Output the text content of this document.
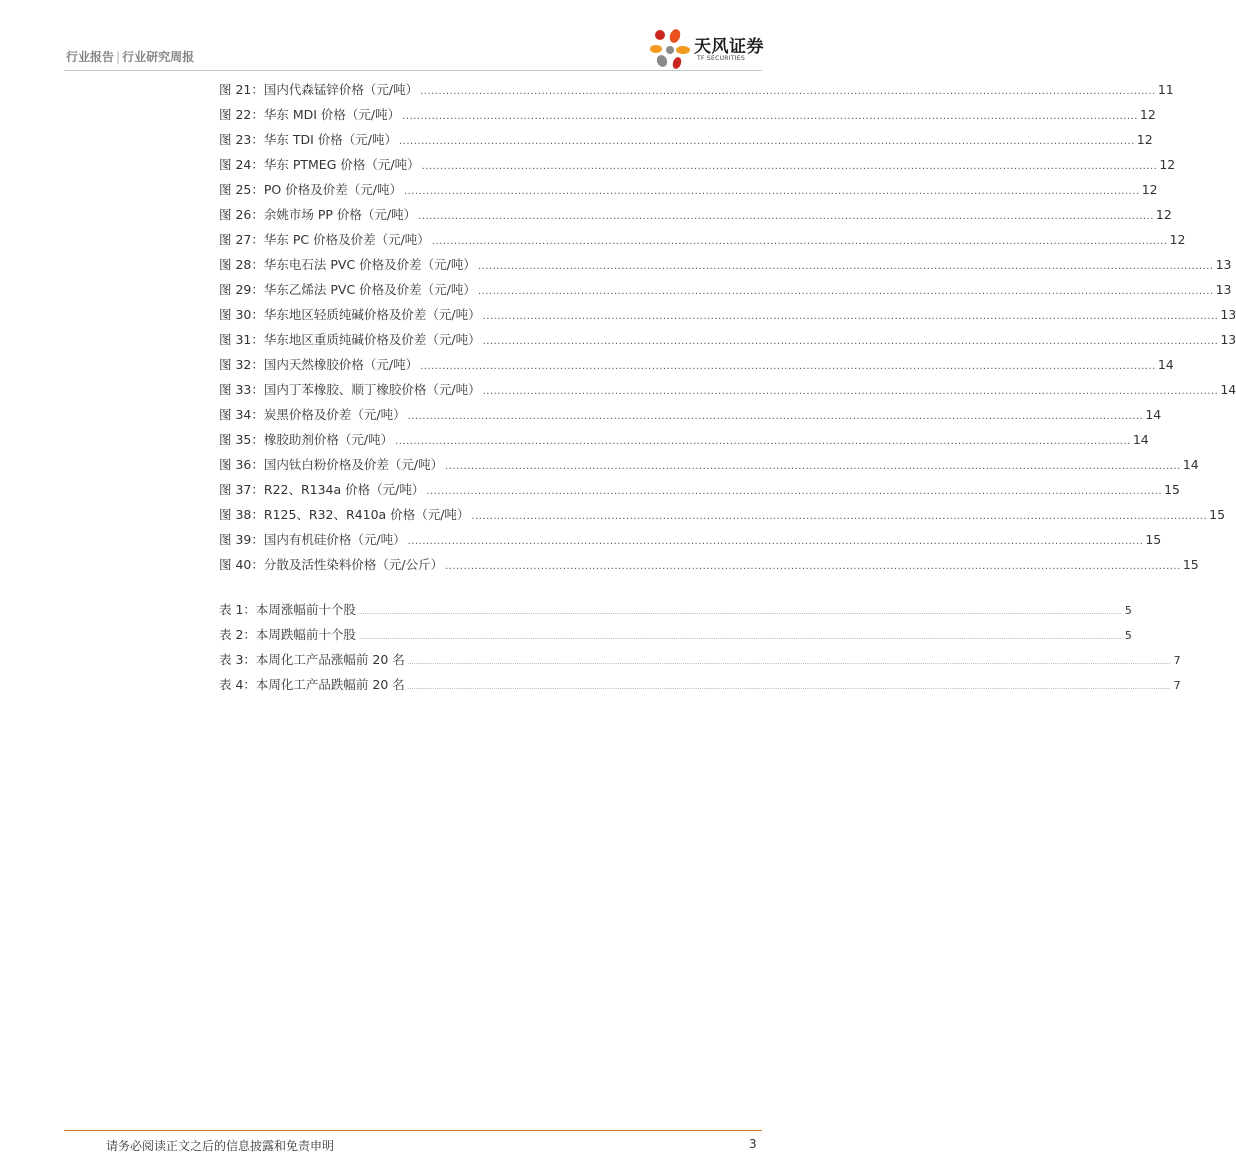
行业报告 | 行业研究周报	天风证券
TF SECURITIES
图 21：国内代森锰锌价格（元/吨） ........................................................................................................................................................................................................ 11
图 22：华东 MDI 价格（元/吨） ........................................................................................................................................................................................................ 12
图 23：华东 TDI 价格（元/吨） ........................................................................................................................................................................................................ 12
图 24：华东 PTMEG 价格（元/吨） ........................................................................................................................................................................................................ 12
图 25：PO 价格及价差（元/吨） ........................................................................................................................................................................................................ 12
图 26：余姚市场 PP 价格（元/吨） ........................................................................................................................................................................................................ 12
图 27：华东 PC 价格及价差（元/吨） ........................................................................................................................................................................................................ 12
图 28：华东电石法 PVC 价格及价差（元/吨） ........................................................................................................................................................................................................ 13
图 29：华东乙烯法 PVC 价格及价差（元/吨） ........................................................................................................................................................................................................ 13
图 30：华东地区轻质纯碱价格及价差（元/吨） ........................................................................................................................................................................................................ 13
图 31：华东地区重质纯碱价格及价差（元/吨） ........................................................................................................................................................................................................ 13
图 32：国内天然橡胶价格（元/吨） ........................................................................................................................................................................................................ 14
图 33：国内丁苯橡胶、顺丁橡胶价格（元/吨） ........................................................................................................................................................................................................ 14
图 34：炭黑价格及价差（元/吨） ........................................................................................................................................................................................................ 14
图 35：橡胶助剂价格（元/吨） ........................................................................................................................................................................................................ 14
图 36：国内钛白粉价格及价差（元/吨） ........................................................................................................................................................................................................ 14
图 37：R22、R134a 价格（元/吨） ........................................................................................................................................................................................................ 15
图 38：R125、R32、R410a 价格（元/吨） ........................................................................................................................................................................................................ 15
图 39：国内有机硅价格（元/吨） ........................................................................................................................................................................................................ 15
图 40：分散及活性染料价格（元/公斤） ........................................................................................................................................................................................................ 15
表 1：本周涨幅前十个股 ................................................................................................................................................................................................................................................................................................................................................................................................................ 5
表 2：本周跌幅前十个股 ................................................................................................................................................................................................................................................................................................................................................................................................................ 5
表 3：本周化工产品涨幅前 20 名 ................................................................................................................................................................................................................................................................................................................................................................................................................ 7
表 4：本周化工产品跌幅前 20 名 ................................................................................................................................................................................................................................................................................................................................................................................................................ 7
请务必阅读正文之后的信息披露和免责申明	3
